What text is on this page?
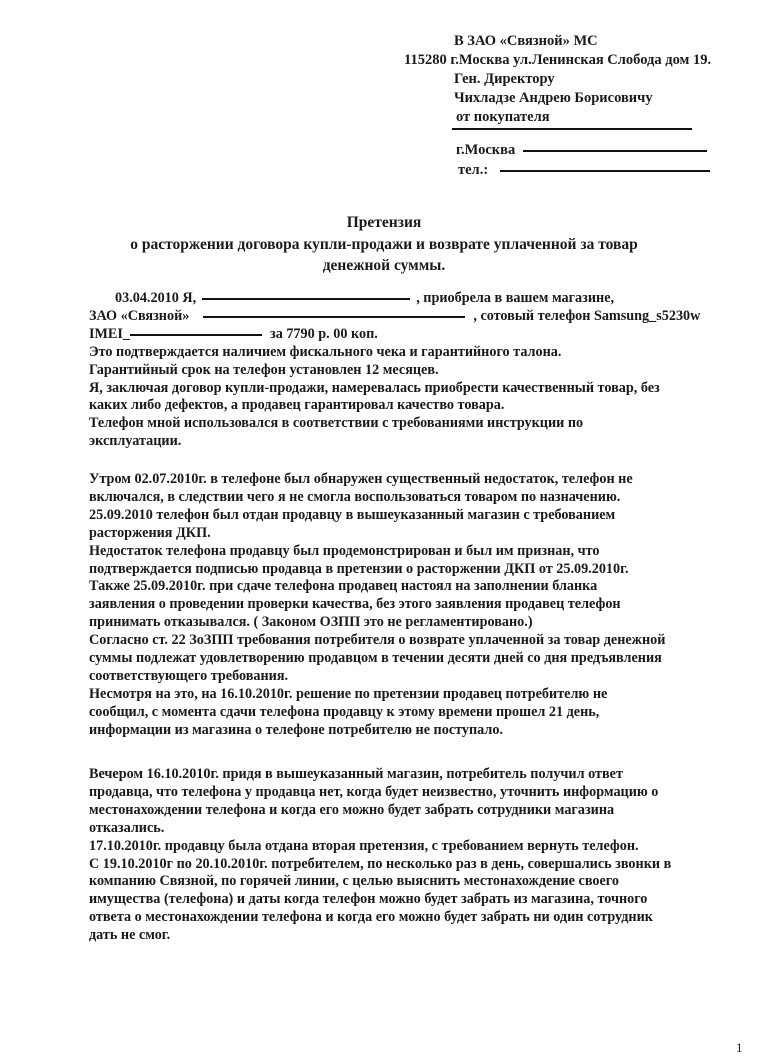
В ЗАО «Связной» МС
115280 г.Москва ул.Ленинская Слобода дом 19.
Ген. Директору
Чихладзе Андрею Борисовичу
от покупателя
г.Москва
тел.:
Претензия
о расторжении договора купли-продажи и возврате уплаченной за товар
денежной суммы.
03.04.2010 Я,	, приобрела в вашем магазине,
ЗАО «Связной»	, сотовый телефон Samsung_s5230w
IMEI_	за 7790 р. 00 коп.
Это подтверждается наличием фискального чека и гарантийного талона.
Гарантийный срок на телефон установлен 12 месяцев.
Я, заключая договор купли-продажи, намеревалась приобрести качественный товар, без
каких либо дефектов, а продавец гарантировал качество товара.
Телефон мной использовался в соответствии с требованиями инструкции по
эксплуатации.
Утром 02.07.2010г. в телефоне был обнаружен существенный недостаток, телефон не
включался, в следствии чего я не смогла воспользоваться товаром по назначению.
25.09.2010 телефон был отдан продавцу в вышеуказанный магазин с требованием
расторжения ДКП.
Недостаток телефона продавцу был продемонстрирован и был им признан, что
подтверждается подписью продавца в претензии о расторжении ДКП от 25.09.2010г.
Также 25.09.2010г. при сдаче телефона продавец настоял на заполнении бланка
заявления о проведении проверки качества, без этого заявления продавец телефон
принимать отказывался. ( Законом ОЗПП это не регламентировано.)
Согласно ст. 22 ЗоЗПП требования потребителя о возврате уплаченной за товар денежной
суммы подлежат удовлетворению продавцом в течении десяти дней со дня предъявления
соответствующего требования.
Несмотря на это, на 16.10.2010г. решение по претензии продавец потребителю не
сообщил, с момента сдачи телефона продавцу к этому времени прошел 21 день,
информации из магазина о телефоне потребителю не поступало.
Вечером 16.10.2010г. придя в вышеуказанный магазин, потребитель получил ответ
продавца, что телефона у продавца нет, когда будет неизвестно, уточнить информацию о
местонахождении телефона и когда его можно будет забрать сотрудники магазина
отказались.
17.10.2010г. продавцу была отдана вторая претензия, с требованием вернуть телефон.
С 19.10.2010г по 20.10.2010г. потребителем, по несколько раз в день, совершались звонки в
компанию Связной, по горячей линии, с целью выяснить местонахождение своего
имущества (телефона) и даты когда телефон можно будет забрать из магазина, точного
ответа о местонахождении телефона и когда его можно будет забрать ни один сотрудник
дать не смог.
1
